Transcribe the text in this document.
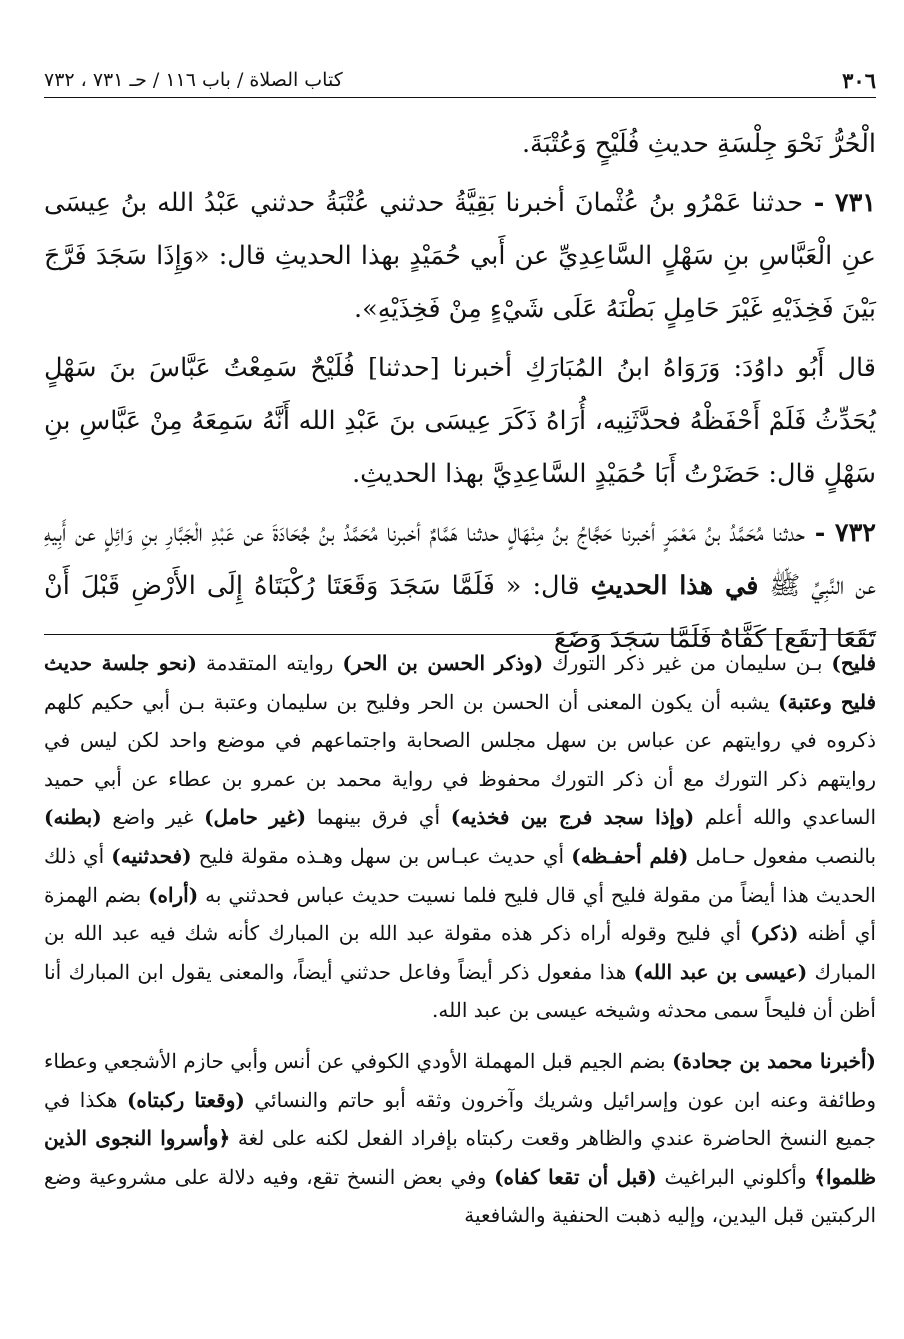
٣٠٦
كتاب الصلاة / باب ١١٦ / حـ ٧٣١ ، ٧٣٢

الْحُرُّ نَحْوَ جِلْسَةِ حديثِ فُلَيْحٍ وَعُتْبَةَ.

٧٣١ - حدثنا عَمْرُو بنُ عُثْمانَ أخبرنا بَقِيَّةُ حدثني عُتْبَةُ حدثني عَبْدُ الله بنُ عِيسَى عنِ الْعَبَّاسِ بنِ سَهْلٍ السَّاعِدِيِّ عن أَبي حُمَيْدٍ بهذا الحديثِ قال: «وَإِذَا سَجَدَ فَرَّجَ بَيْنَ فَخِذَيْهِ غَيْرَ حَامِلٍ بَطْنَهُ عَلَى شَيْءٍ مِنْ فَخِذَيْهِ».

قال أَبُو داوُدَ: وَرَوَاهُ ابنُ المُبَارَكِ أخبرنا [حدثنا] فُلَيْحٌ سَمِعْتُ عَبَّاسَ بنَ سَهْلٍ يُحَدِّثُ فَلَمْ أَحْفَظْهُ فحدَّثَنِيه، أُرَاهُ ذَكَرَ عِيسَى بنَ عَبْدِ الله أَنَّهُ سَمِعَهُ مِنْ عَبَّاسِ بنِ سَهْلٍ قال: حَضَرْتُ أَبَا حُمَيْدٍ السَّاعِدِيَّ بهذا الحديثِ.

٧٣٢ - حدثنا مُحَمَّدُ بنُ مَعْمَرٍ أخبرنا حَجَّاجُ بنُ مِنْهَالٍ حدثنا هَمَّامٌ أخبرنا مُحَمَّدُ بنُ جُحَادَةَ عن عَبْدِ الْجَبَّارِ بنِ وَائِلٍ عن أَبِيهِ عن النَّبِيِّ ﷺ في هذا الحديثِ قال: « فَلَمَّا سَجَدَ وَقَعَتَا رُكْبَتَاهُ إِلَى الأَرْضِ قَبْلَ أَنْ تَقَعَا [تقَع] كَفَّاهُ فَلَمَّا سَجَدَ وَضَعَ

فليح) بـن سليمان من غير ذكر التورك (وذكر الحسن بن الحر) روايته المتقدمة (نحو جلسة حديث فليح وعتبة) يشبه أن يكون المعنى أن الحسن بن الحر وفليح بن سليمان وعتبة بـن أبي حكيم كلهم ذكروه في روايتهم عن عباس بن سهل مجلس الصحابة واجتماعهم في موضع واحد لكن ليس في روايتهم ذكر التورك مع أن ذكر التورك محفوظ في رواية محمد بن عمرو بن عطاء عن أبي حميد الساعدي والله أعلم (وإذا سجد فرج بين فخذيه) أي فرق بينهما (غير حامل) غير واضع (بطنه) بالنصب مفعول حـامل (فلم أحفـظه) أي حديث عبـاس بن سهل وهـذه مقولة فليح (فحدثنيه) أي ذلك الحديث هذا أيضاً من مقولة فليح أي قال فليح فلما نسيت حديث عباس فحدثني به (أراه) بضم الهمزة أي أظنه (ذكر) أي فليح وقوله أراه ذكر هذه مقولة عبد الله بن المبارك كأنه شك فيه عبد الله بن المبارك (عيسى بن عبد الله) هذا مفعول ذكر أيضاً وفاعل حدثني أيضاً، والمعنى يقول ابن المبارك أنا أظن أن فليحاً سمى محدثه وشيخه عيسى بن عبد الله.

(أخبرنا محمد بن جحادة) بضم الجيم قبل المهملة الأودي الكوفي عن أنس وأبي حازم الأشجعي وعطاء وطائفة وعنه ابن عون وإسرائيل وشريك وآخرون وثقه أبو حاتم والنسائي (وقعتا ركبتاه) هكذا في جميع النسخ الحاضرة عندي والظاهر وقعت ركبتاه بإفراد الفعل لكنه على لغة ﴿وأسروا النجوى الذين ظلموا﴾ وأكلوني البراغيث (قبل أن تقعا كفاه) وفي بعض النسخ تقع، وفيه دلالة على مشروعية وضع الركبتين قبل اليدين، وإليه ذهبت الحنفية والشافعية
